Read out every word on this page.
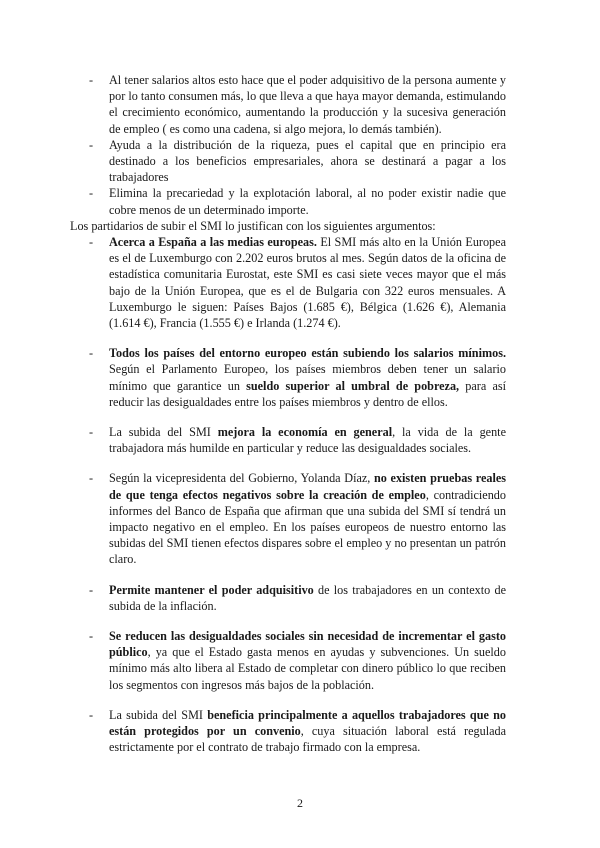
- Al tener salarios altos esto hace que el poder adquisitivo de la persona aumente y por lo tanto consumen más, lo que lleva a que haya mayor demanda, estimulando el crecimiento económico, aumentando la producción y la sucesiva generación de empleo ( es como una cadena, si algo mejora, lo demás también).
- Ayuda a la distribución de la riqueza, pues el capital que en principio era destinado a los beneficios empresariales, ahora se destinará a pagar a los trabajadores
- Elimina la precariedad y la explotación laboral, al no poder existir nadie que cobre menos de un determinado importe.

Los partidarios de subir el SMI lo justifican con los siguientes argumentos:

- Acerca a España a las medias europeas. El SMI más alto en la Unión Europea es el de Luxemburgo con 2.202 euros brutos al mes. Según datos de la oficina de estadística comunitaria Eurostat, este SMI es casi siete veces mayor que el más bajo de la Unión Europea, que es el de Bulgaria con 322 euros mensuales. A Luxemburgo le siguen: Países Bajos (1.685 €), Bélgica (1.626 €), Alemania (1.614 €), Francia (1.555 €) e Irlanda (1.274 €).
- Todos los países del entorno europeo están subiendo los salarios mínimos. Según el Parlamento Europeo, los países miembros deben tener un salario mínimo que garantice un sueldo superior al umbral de pobreza, para así reducir las desigualdades entre los países miembros y dentro de ellos.
- La subida del SMI mejora la economía en general, la vida de la gente trabajadora más humilde en particular y reduce las desigualdades sociales.
- Según la vicepresidenta del Gobierno, Yolanda Díaz, no existen pruebas reales de que tenga efectos negativos sobre la creación de empleo, contradiciendo informes del Banco de España que afirman que una subida del SMI sí tendrá un impacto negativo en el empleo. En los países europeos de nuestro entorno las subidas del SMI tienen efectos dispares sobre el empleo y no presentan un patrón claro.
- Permite mantener el poder adquisitivo de los trabajadores en un contexto de subida de la inflación.
- Se reducen las desigualdades sociales sin necesidad de incrementar el gasto público, ya que el Estado gasta menos en ayudas y subvenciones. Un sueldo mínimo más alto libera al Estado de completar con dinero público lo que reciben los segmentos con ingresos más bajos de la población.
- La subida del SMI beneficia principalmente a aquellos trabajadores que no están protegidos por un convenio, cuya situación laboral está regulada estrictamente por el contrato de trabajo firmado con la empresa.
2
